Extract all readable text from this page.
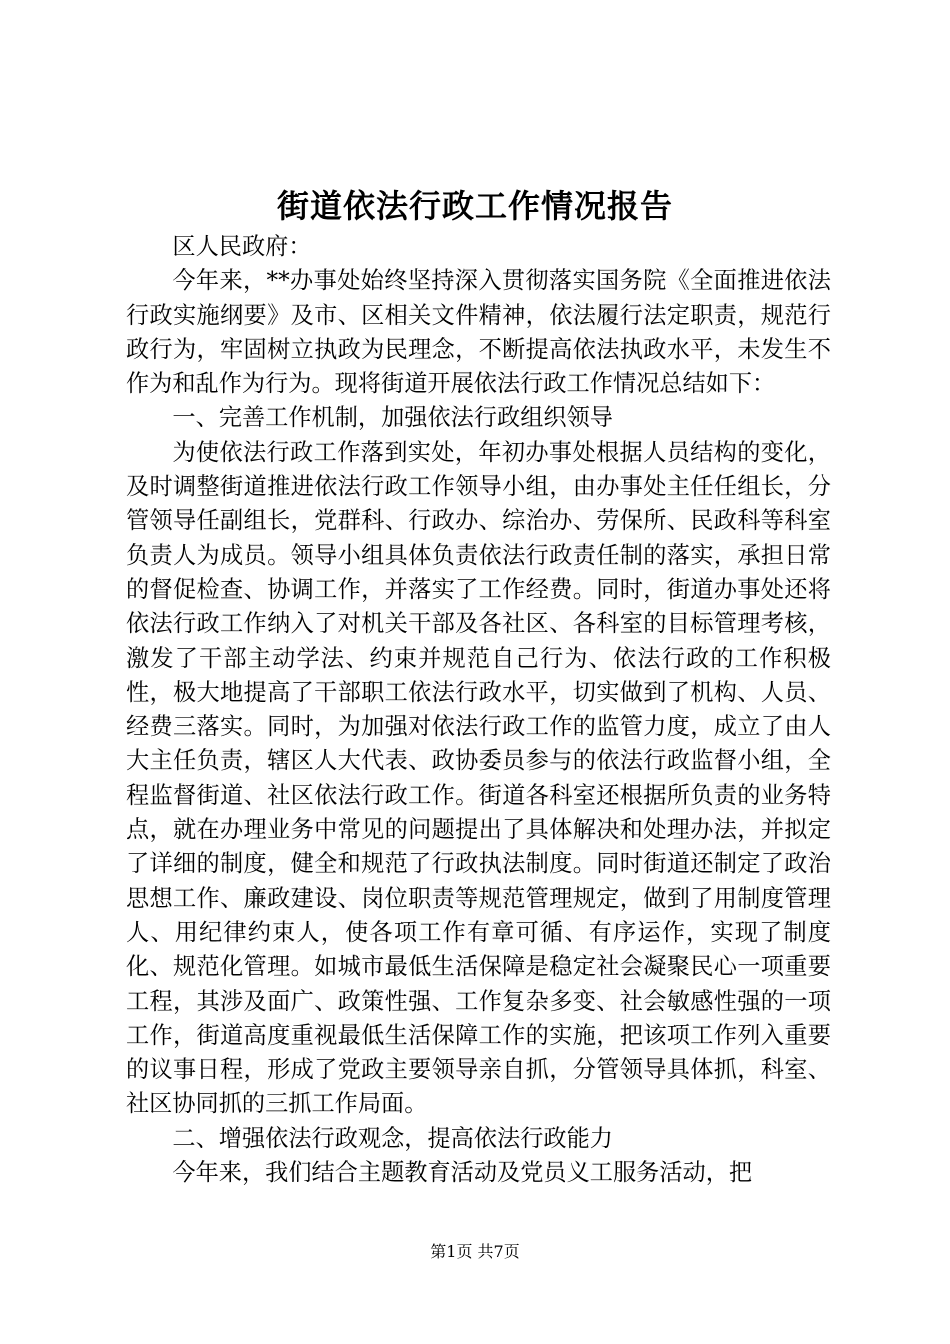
街道依法行政工作情况报告

区人民政府：

今年来，**办事处始终坚持深入贯彻落实国务院《全面推进依法行政实施纲要》及市、区相关文件精神，依法履行法定职责，规范行政行为，牢固树立执政为民理念，不断提高依法执政水平，未发生不作为和乱作为行为。现将街道开展依法行政工作情况总结如下：

一、完善工作机制，加强依法行政组织领导

为使依法行政工作落到实处，年初办事处根据人员结构的变化，及时调整街道推进依法行政工作领导小组，由办事处主任任组长，分管领导任副组长，党群科、行政办、综治办、劳保所、民政科等科室负责人为成员。领导小组具体负责依法行政责任制的落实，承担日常的督促检查、协调工作，并落实了工作经费。同时，街道办事处还将依法行政工作纳入了对机关干部及各社区、各科室的目标管理考核，激发了干部主动学法、约束并规范自己行为、依法行政的工作积极性，极大地提高了干部职工依法行政水平，切实做到了机构、人员、经费三落实。同时，为加强对依法行政工作的监管力度，成立了由人大主任负责，辖区人大代表、政协委员参与的依法行政监督小组，全程监督街道、社区依法行政工作。街道各科室还根据所负责的业务特点，就在办理业务中常见的问题提出了具体解决和处理办法，并拟定了详细的制度，健全和规范了行政执法制度。同时街道还制定了政治思想工作、廉政建设、岗位职责等规范管理规定，做到了用制度管理人、用纪律约束人，使各项工作有章可循、有序运作，实现了制度化、规范化管理。如城市最低生活保障是稳定社会凝聚民心一项重要工程，其涉及面广、政策性强、工作复杂多变、社会敏感性强的一项工作，街道高度重视最低生活保障工作的实施，把该项工作列入重要的议事日程，形成了党政主要领导亲自抓，分管领导具体抓，科室、社区协同抓的三抓工作局面。

二、增强依法行政观念，提高依法行政能力

今年来，我们结合主题教育活动及党员义工服务活动，把

第1页 共7页
